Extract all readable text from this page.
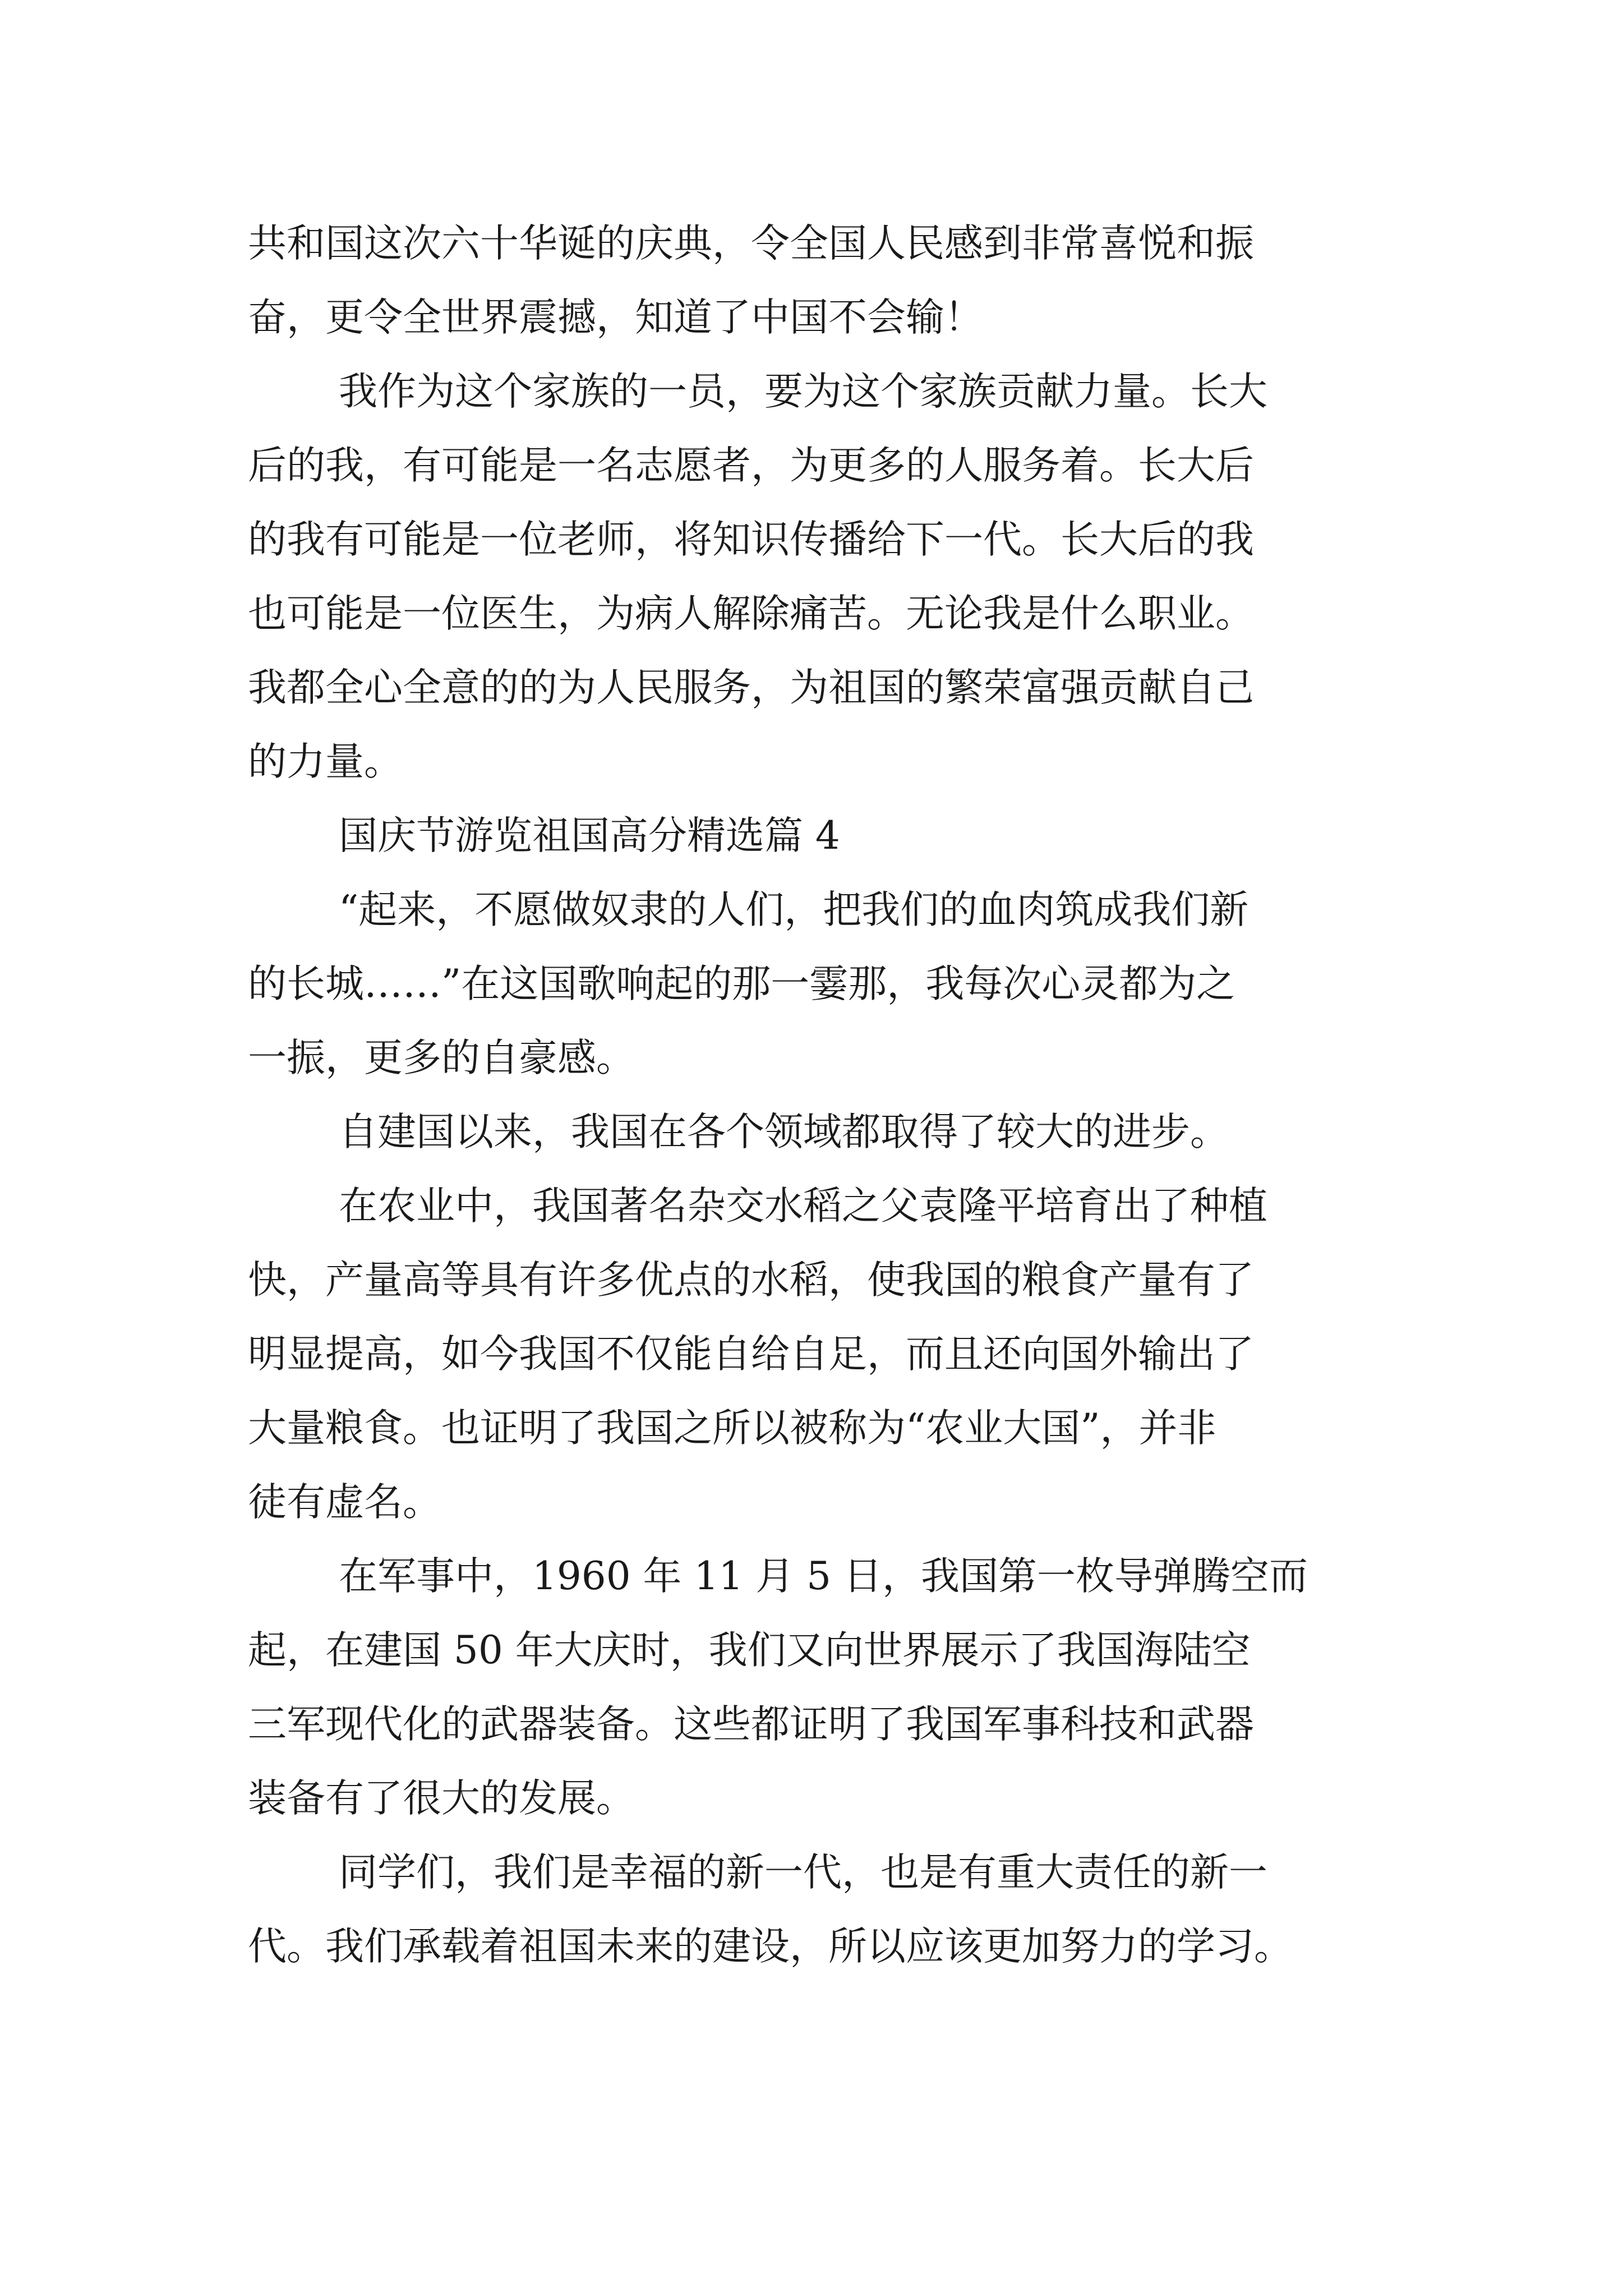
共和国这次六十华诞的庆典，令全国人民感到非常喜悦和振
奋，更令全世界震撼，知道了中国不会输！
我作为这个家族的一员，要为这个家族贡献力量。长大
后的我，有可能是一名志愿者，为更多的人服务着。长大后
的我有可能是一位老师，将知识传播给下一代。长大后的我
也可能是一位医生，为病人解除痛苦。无论我是什么职业。
我都全心全意的的为人民服务，为祖国的繁荣富强贡献自己
的力量。
国庆节游览祖国高分精选篇 4
“起来，不愿做奴隶的人们，把我们的血肉筑成我们新
的长城……”在这国歌响起的那一霎那，我每次心灵都为之
一振，更多的自豪感。
自建国以来，我国在各个领域都取得了较大的进步。
在农业中，我国著名杂交水稻之父袁隆平培育出了种植
快，产量高等具有许多优点的水稻，使我国的粮食产量有了
明显提高，如今我国不仅能自给自足，而且还向国外输出了
大量粮食。也证明了我国之所以被称为“农业大国”，并非
徒有虚名。
在军事中，1960 年 11 月 5 日，我国第一枚导弹腾空而
起，在建国 50 年大庆时，我们又向世界展示了我国海陆空
三军现代化的武器装备。这些都证明了我国军事科技和武器
装备有了很大的发展。
同学们，我们是幸福的新一代，也是有重大责任的新一
代。我们承载着祖国未来的建设，所以应该更加努力的学习。
